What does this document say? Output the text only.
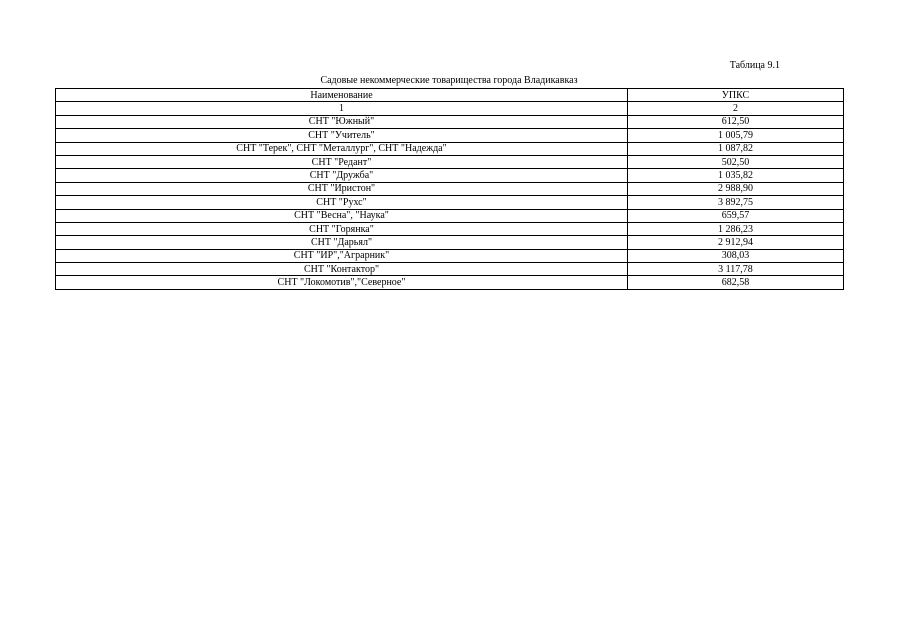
Таблица 9.1
Садовые некоммерческие товарищества города Владикавказ
Наименование	УПКС
1	2
СНТ "Южный"	612,50
СНТ "Учитель"	1 005,79
СНТ "Терек", СНТ "Металлург", СНТ "Надежда"	1 087,82
СНТ "Редант"	502,50
СНТ "Дружба"	1 035,82
СНТ "Иристон"	2 988,90
СНТ "Рухс"	3 892,75
СНТ "Весна", "Наука"	659,57
СНТ "Горянка"	1 286,23
СНТ "Дарьял"	2 912,94
СНТ "ИР","Аграрник"	308,03
СНТ "Контактор"	3 117,78
СНТ "Локомотив","Северное"	682,58
